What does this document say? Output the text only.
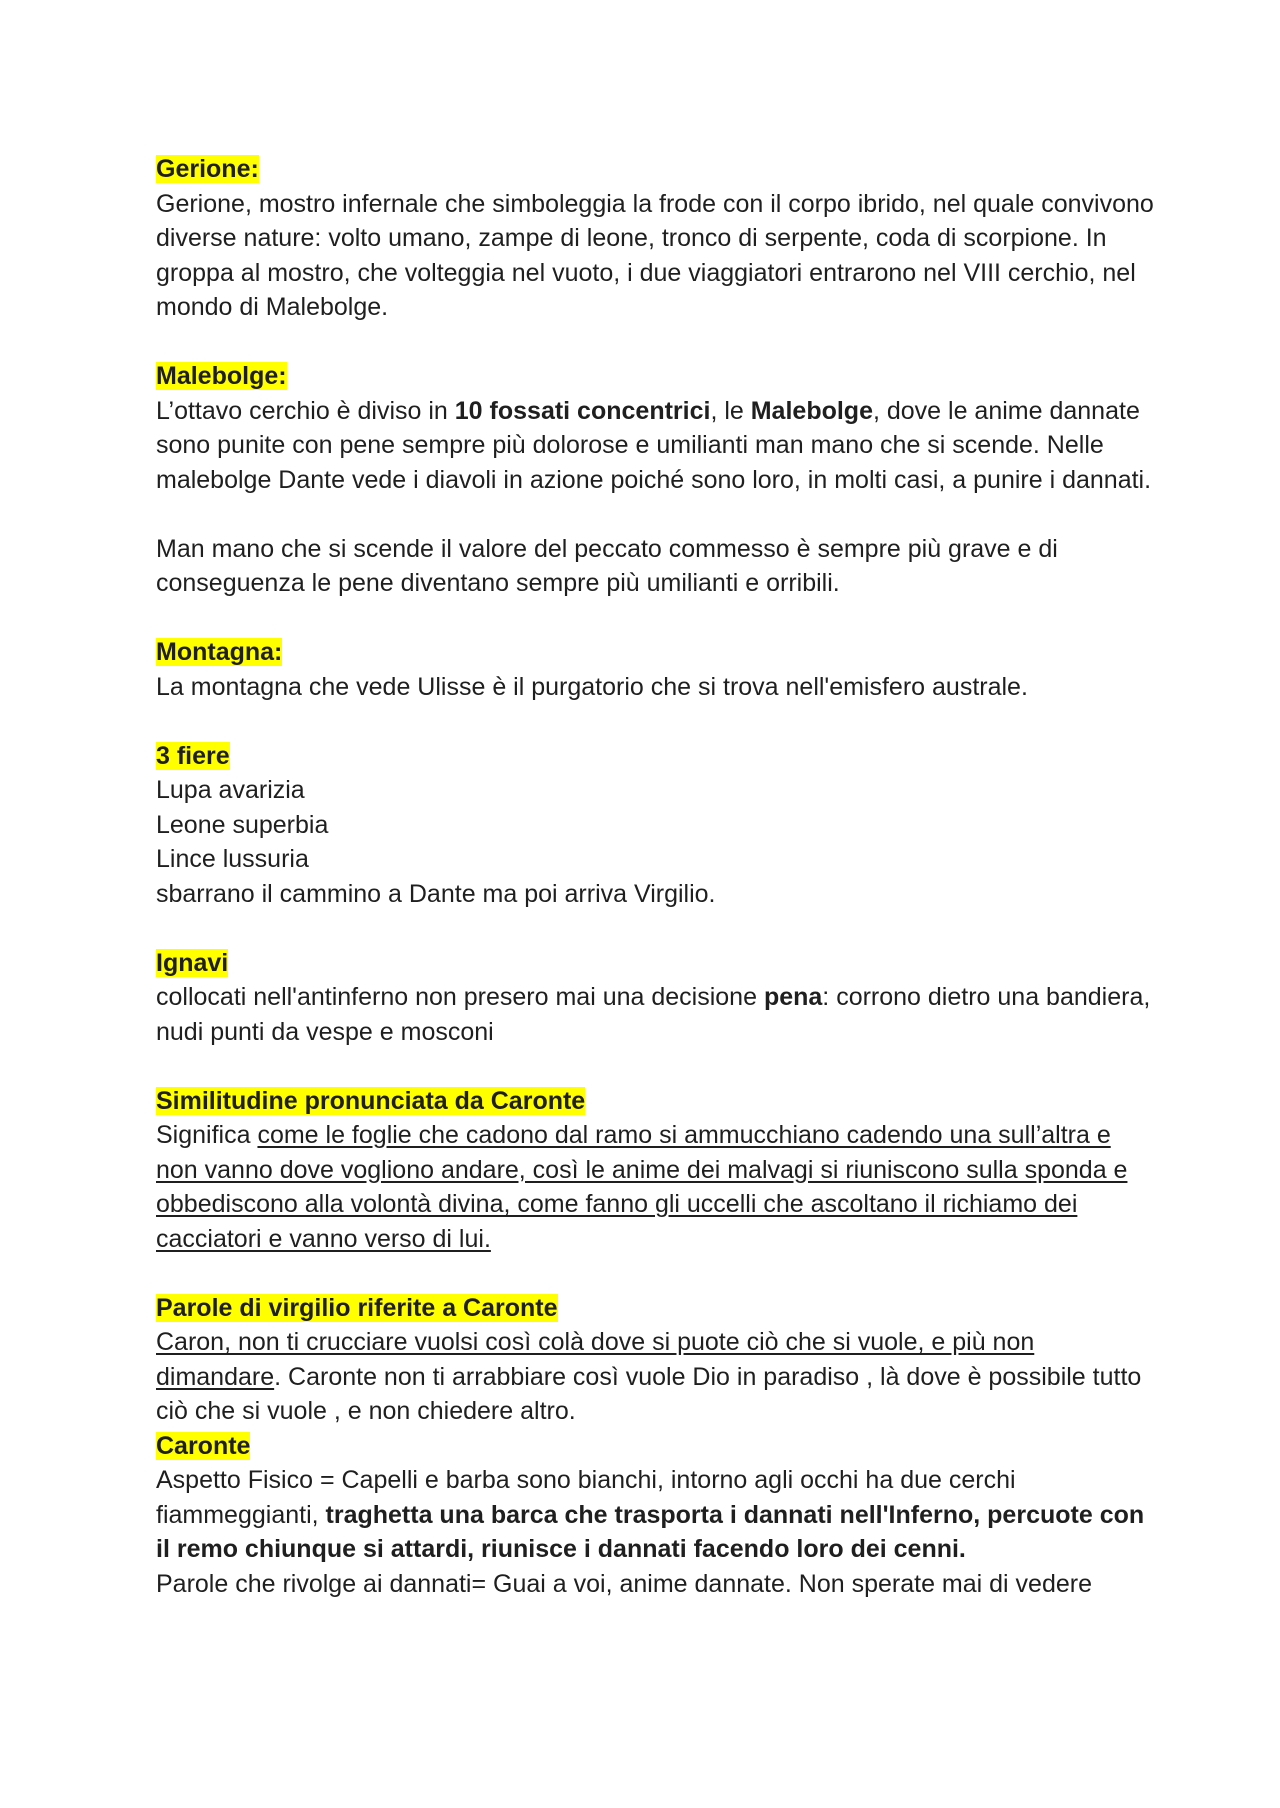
Gerione:

Gerione, mostro infernale che simboleggia la frode con il corpo ibrido, nel quale convivono diverse nature: volto umano, zampe di leone, tronco di serpente, coda di scorpione. In groppa al mostro, che volteggia nel vuoto, i due viaggiatori entrarono nel VIII cerchio, nel mondo di Malebolge.

Malebolge:

L’ottavo cerchio è diviso in 10 fossati concentrici, le Malebolge, dove le anime dannate sono punite con pene sempre più dolorose e umilianti man mano che si scende. Nelle malebolge Dante vede i diavoli in azione poiché sono loro, in molti casi, a punire i dannati.

Man mano che si scende il valore del peccato commesso è sempre più grave e di conseguenza le pene diventano sempre più umilianti e orribili.

Montagna:

La montagna che vede Ulisse è il purgatorio che si trova nell'emisfero australe.

3 fiere
Lupa avarizia
Leone superbia
Lince lussuria
sbarrano il cammino a Dante ma poi arriva Virgilio.
Ignavi

collocati nell'antinferno non presero mai una decisione pena: corrono dietro una bandiera, nudi punti da vespe e mosconi

Similitudine pronunciata da Caronte

Significa come le foglie che cadono dal ramo si ammucchiano cadendo una sull’altra e non vanno dove vogliono andare, così le anime dei malvagi si riuniscono sulla sponda e obbediscono alla volontà divina, come fanno gli uccelli che ascoltano il richiamo dei cacciatori e vanno verso di lui.

Parole di virgilio riferite a Caronte

Caron, non ti crucciare vuolsi così colà dove si puote ciò che si vuole, e più non dimandare. Caronte non ti arrabbiare così vuole Dio in paradiso , là dove è possibile tutto ciò che si vuole , e non chiedere altro.

Caronte

Aspetto Fisico = Capelli e barba sono bianchi, intorno agli occhi ha due cerchi fiammeggianti, traghetta una barca che trasporta i dannati nell'Inferno, percuote con il remo chiunque si attardi, riunisce i dannati facendo loro dei cenni.

Parole che rivolge ai dannati= Guai a voi, anime dannate. Non sperate mai di vedere
